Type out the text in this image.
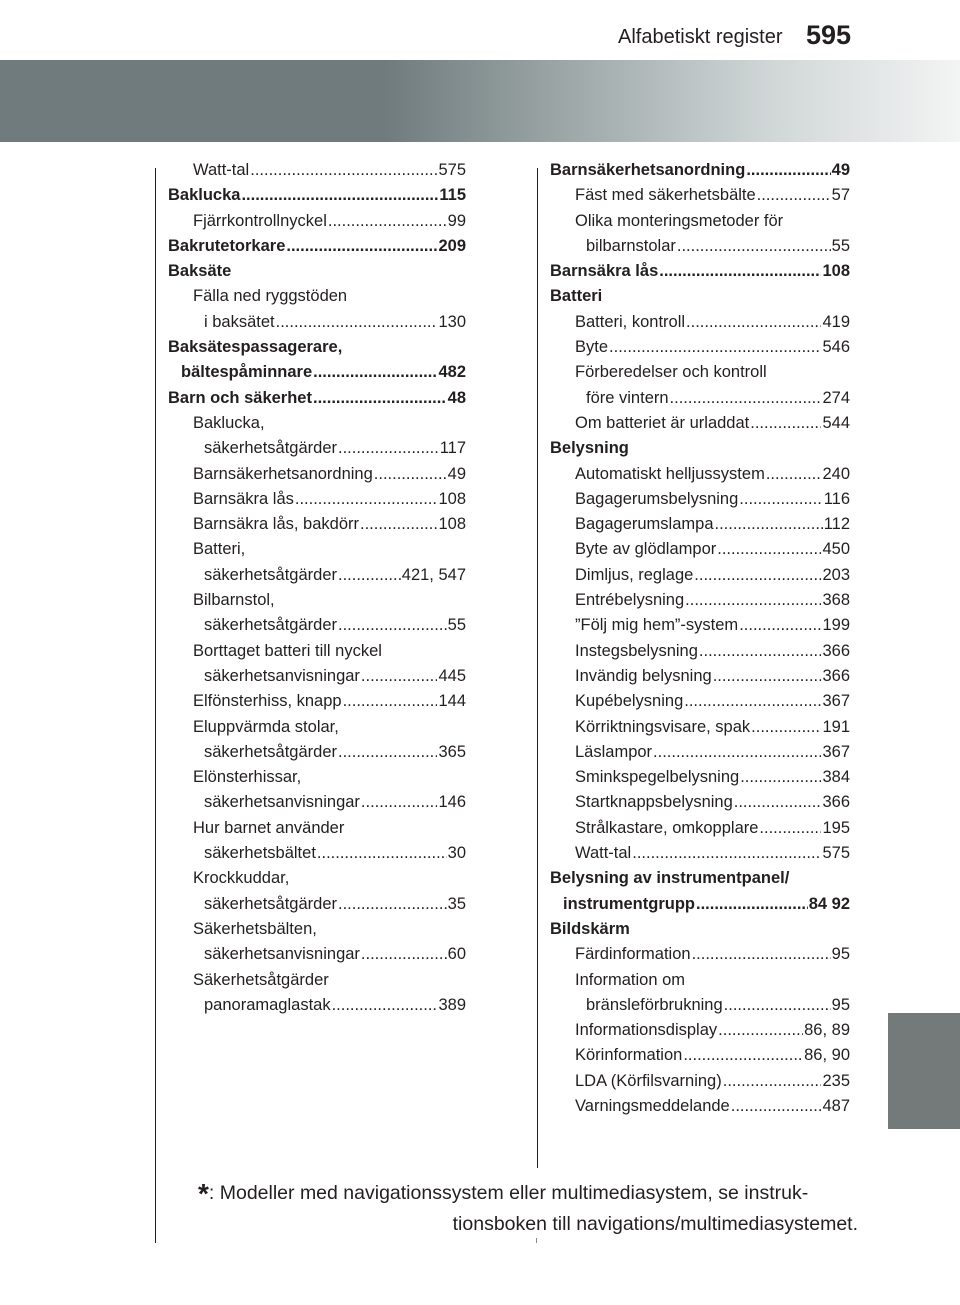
Alfabetiskt register 595
Watt-tal .....	575
Baklucka .....	115
Fjärrkontrollnyckel .....	99
Bakrutetorkare .....	209
Baksäte
Fälla ned ryggstöden
i baksätet .....	130
Baksätespassagerare,
bältespåminnare .....	482
Barn och säkerhet .....	48
Baklucka,
säkerhetsåtgärder .....	117
Barnsäkerhetsanordning .....	49
Barnsäkra lås .....	108
Barnsäkra lås, bakdörr .....	108
Batteri,
säkerhetsåtgärder .....	421, 547
Bilbarnstol,
säkerhetsåtgärder .....	55
Borttaget batteri till nyckel
säkerhetsanvisningar .....	445
Elfönsterhiss, knapp .....	144
Eluppvärmda stolar,
säkerhetsåtgärder .....	365
Elönsterhissar,
säkerhetsanvisningar .....	146
Hur barnet använder
säkerhetsbältet .....	30
Krockkuddar,
säkerhetsåtgärder .....	35
Säkerhetsbälten,
säkerhetsanvisningar .....	60
Säkerhetsåtgärder
panoramaglastak .....	389
Barnsäkerhetsanordning .....	49
Fäst med säkerhetsbälte .....	57
Olika monteringsmetoder för
bilbarnstolar .....	55
Barnsäkra lås .....	108
Batteri
Batteri, kontroll .....	419
Byte .....	546
Förberedelser och kontroll
före vintern .....	274
Om batteriet är urladdat .....	544
Belysning
Automatiskt helljussystem .....	240
Bagagerumsbelysning .....	116
Bagagerumslampa .....	112
Byte av glödlampor .....	450
Dimljus, reglage .....	203
Entrébelysning .....	368
”Följ mig hem”-system .....	199
Instegsbelysning .....	366
Invändig belysning .....	366
Kupébelysning .....	367
Körriktningsvisare, spak .....	191
Läslampor .....	367
Sminkspegelbelysning .....	384
Startknappsbelysning .....	366
Strålkastare, omkopplare .....	195
Watt-tal .....	575
Belysning av instrumentpanel/
instrumentgrupp .....	84 92
Bildskärm
Färdinformation .....	95
Information om
bränsleförbrukning .....	95
Informationsdisplay .....	86, 89
Körinformation .....	86, 90
LDA (Körfilsvarning) .....	235
Varningsmeddelande .....	487
*: Modeller med navigationssystem eller multimediasystem, se instruk-
tionsboken till navigations/multimediasystemet.
